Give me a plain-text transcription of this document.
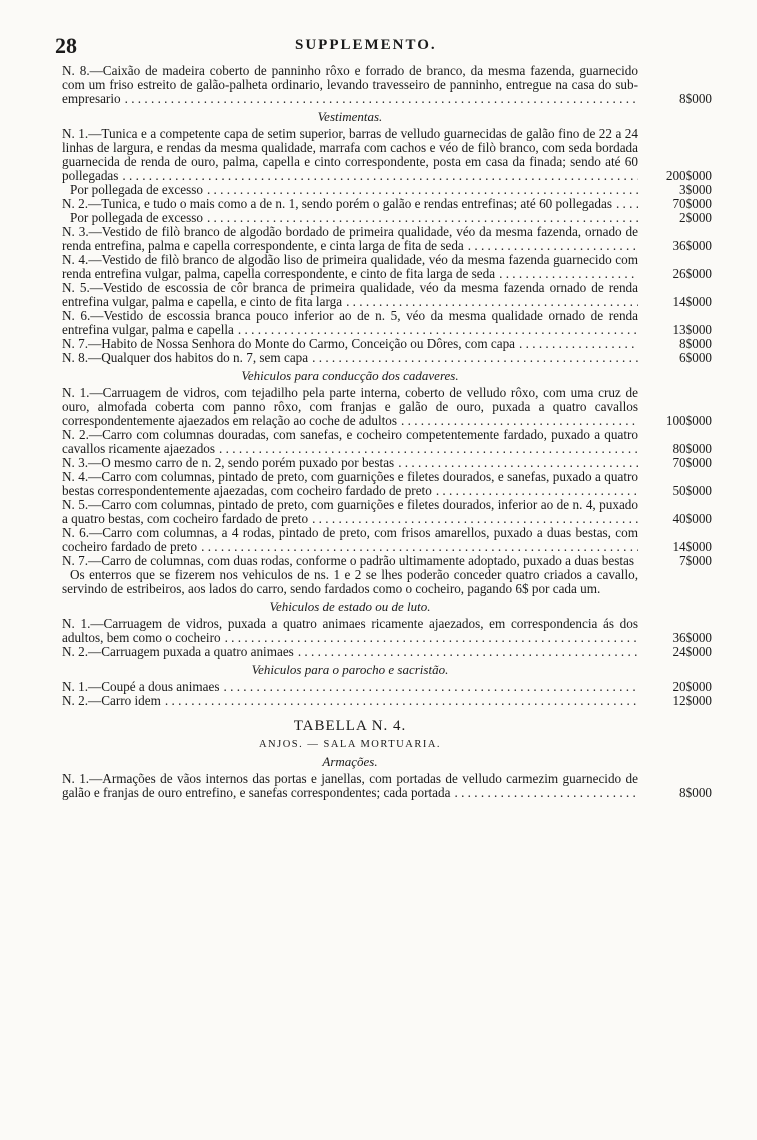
28	SUPPLEMENTO.
N. 8.—Caixão de madeira coberto de panninho rôxo e forrado de branco, da mesma fazenda, guarnecido com um friso estreito de galão-palheta ordinario, levando travesseiro de panninho, entregue na casa do sub-empresario . . .	8$000
Vestimentas.
N. 1.—Tunica e a competente capa de setim superior, barras de velludo guarnecidas de galão fino de 22 a 24 linhas de largura, e rendas da mesma qualidade, marrafa com cachos e véo de filò branco, com seda bordada guarnecida de renda de ouro, palma, capella e cinto correspondente, posta em casa da finada; sendo até 60 pollegadas . . .	200$000
Por pollegada de excesso . . .	3$000
N. 2.—Tunica, e tudo o mais como a de n. 1, sendo porém o galão e rendas entrefinas; até 60 pollegadas . . .	70$000
Por pollegada de excesso . . .	2$000
N. 3.—Vestido de filò branco de algodão bordado de primeira qualidade, véo da mesma fazenda, ornado de renda entrefina, palma e capella correspondente, e cinta larga de fita de seda . . .	36$000
N. 4.—Vestido de filò branco de algodão liso de primeira qualidade, véo da mesma fazenda guarnecido com renda entrefina vulgar, palma, capella correspondente, e cinto de fita larga de seda . . .	26$000
N. 5.—Vestido de escossia de côr branca de primeira qualidade, véo da mesma fazenda ornado de renda entrefina vulgar, palma e capella, e cinto de fita larga . . .	14$000
N. 6.—Vestido de escossia branca pouco inferior ao de n. 5, véo da mesma qualidade ornado de renda entrefina vulgar, palma e capella . . .	13$000
N. 7.—Habito de Nossa Senhora do Monte do Carmo, Conceição ou Dôres, com capa . . .	8$000
N. 8.—Qualquer dos habitos do n. 7, sem capa . . .	6$000
Vehiculos para conducção dos cadaveres.
N. 1.—Carruagem de vidros, com tejadilho pela parte interna, coberto de velludo rôxo, com uma cruz de ouro, almofada coberta com panno rôxo, com franjas e galão de ouro, puxada a quatro cavallos correspondentemente ajaezados em relação ao coche de adultos . . .	100$000
N. 2.—Carro com columnas douradas, com sanefas, e cocheiro competentemente fardado, puxado a quatro cavallos ricamente ajaezados . . .	80$000
N. 3.—O mesmo carro de n. 2, sendo porém puxado por bestas . . .	70$000
N. 4.—Carro com columnas, pintado de preto, com guarnições e filetes dourados, e sanefas, puxado a quatro bestas correspondentemente ajaezadas, com cocheiro fardado de preto . . .	50$000
N. 5.—Carro com columnas, pintado de preto, com guarnições e filetes dourados, inferior ao de n. 4, puxado a quatro bestas, com cocheiro fardado de preto . . .	40$000
N. 6.—Carro com columnas, a 4 rodas, pintado de preto, com frisos amarellos, puxado a duas bestas, com cocheiro fardado de preto . . .	14$000
N. 7.—Carro de columnas, com duas rodas, conforme o padrão ultimamente adoptado, puxado a duas bestas . . .	7$000

Os enterros que se fizerem nos vehiculos de ns. 1 e 2 se lhes poderão conceder quatro criados a cavallo, servindo de estribeiros, aos lados do carro, sendo fardados como o cocheiro, pagando 6$ por cada um.

Vehiculos de estado ou de luto.
N. 1.—Carruagem de vidros, puxada a quatro animaes ricamente ajaezados, em correspondencia ás dos adultos, bem como o cocheiro . . .	36$000
N. 2.—Carruagem puxada a quatro animaes . . .	24$000
Vehiculos para o parocho e sacristão.
N. 1.—Coupé a dous animaes . . .	20$000
N. 2.—Carro idem . . .	12$000
TABELLA N. 4.
ANJOS. — SALA MORTUARIA.
Armações.
N. 1.—Armações de vãos internos das portas e janellas, com portadas de velludo carmezim guarnecido de galão e franjas de ouro entrefino, e sanefas correspondentes; cada portada . . .	8$000
